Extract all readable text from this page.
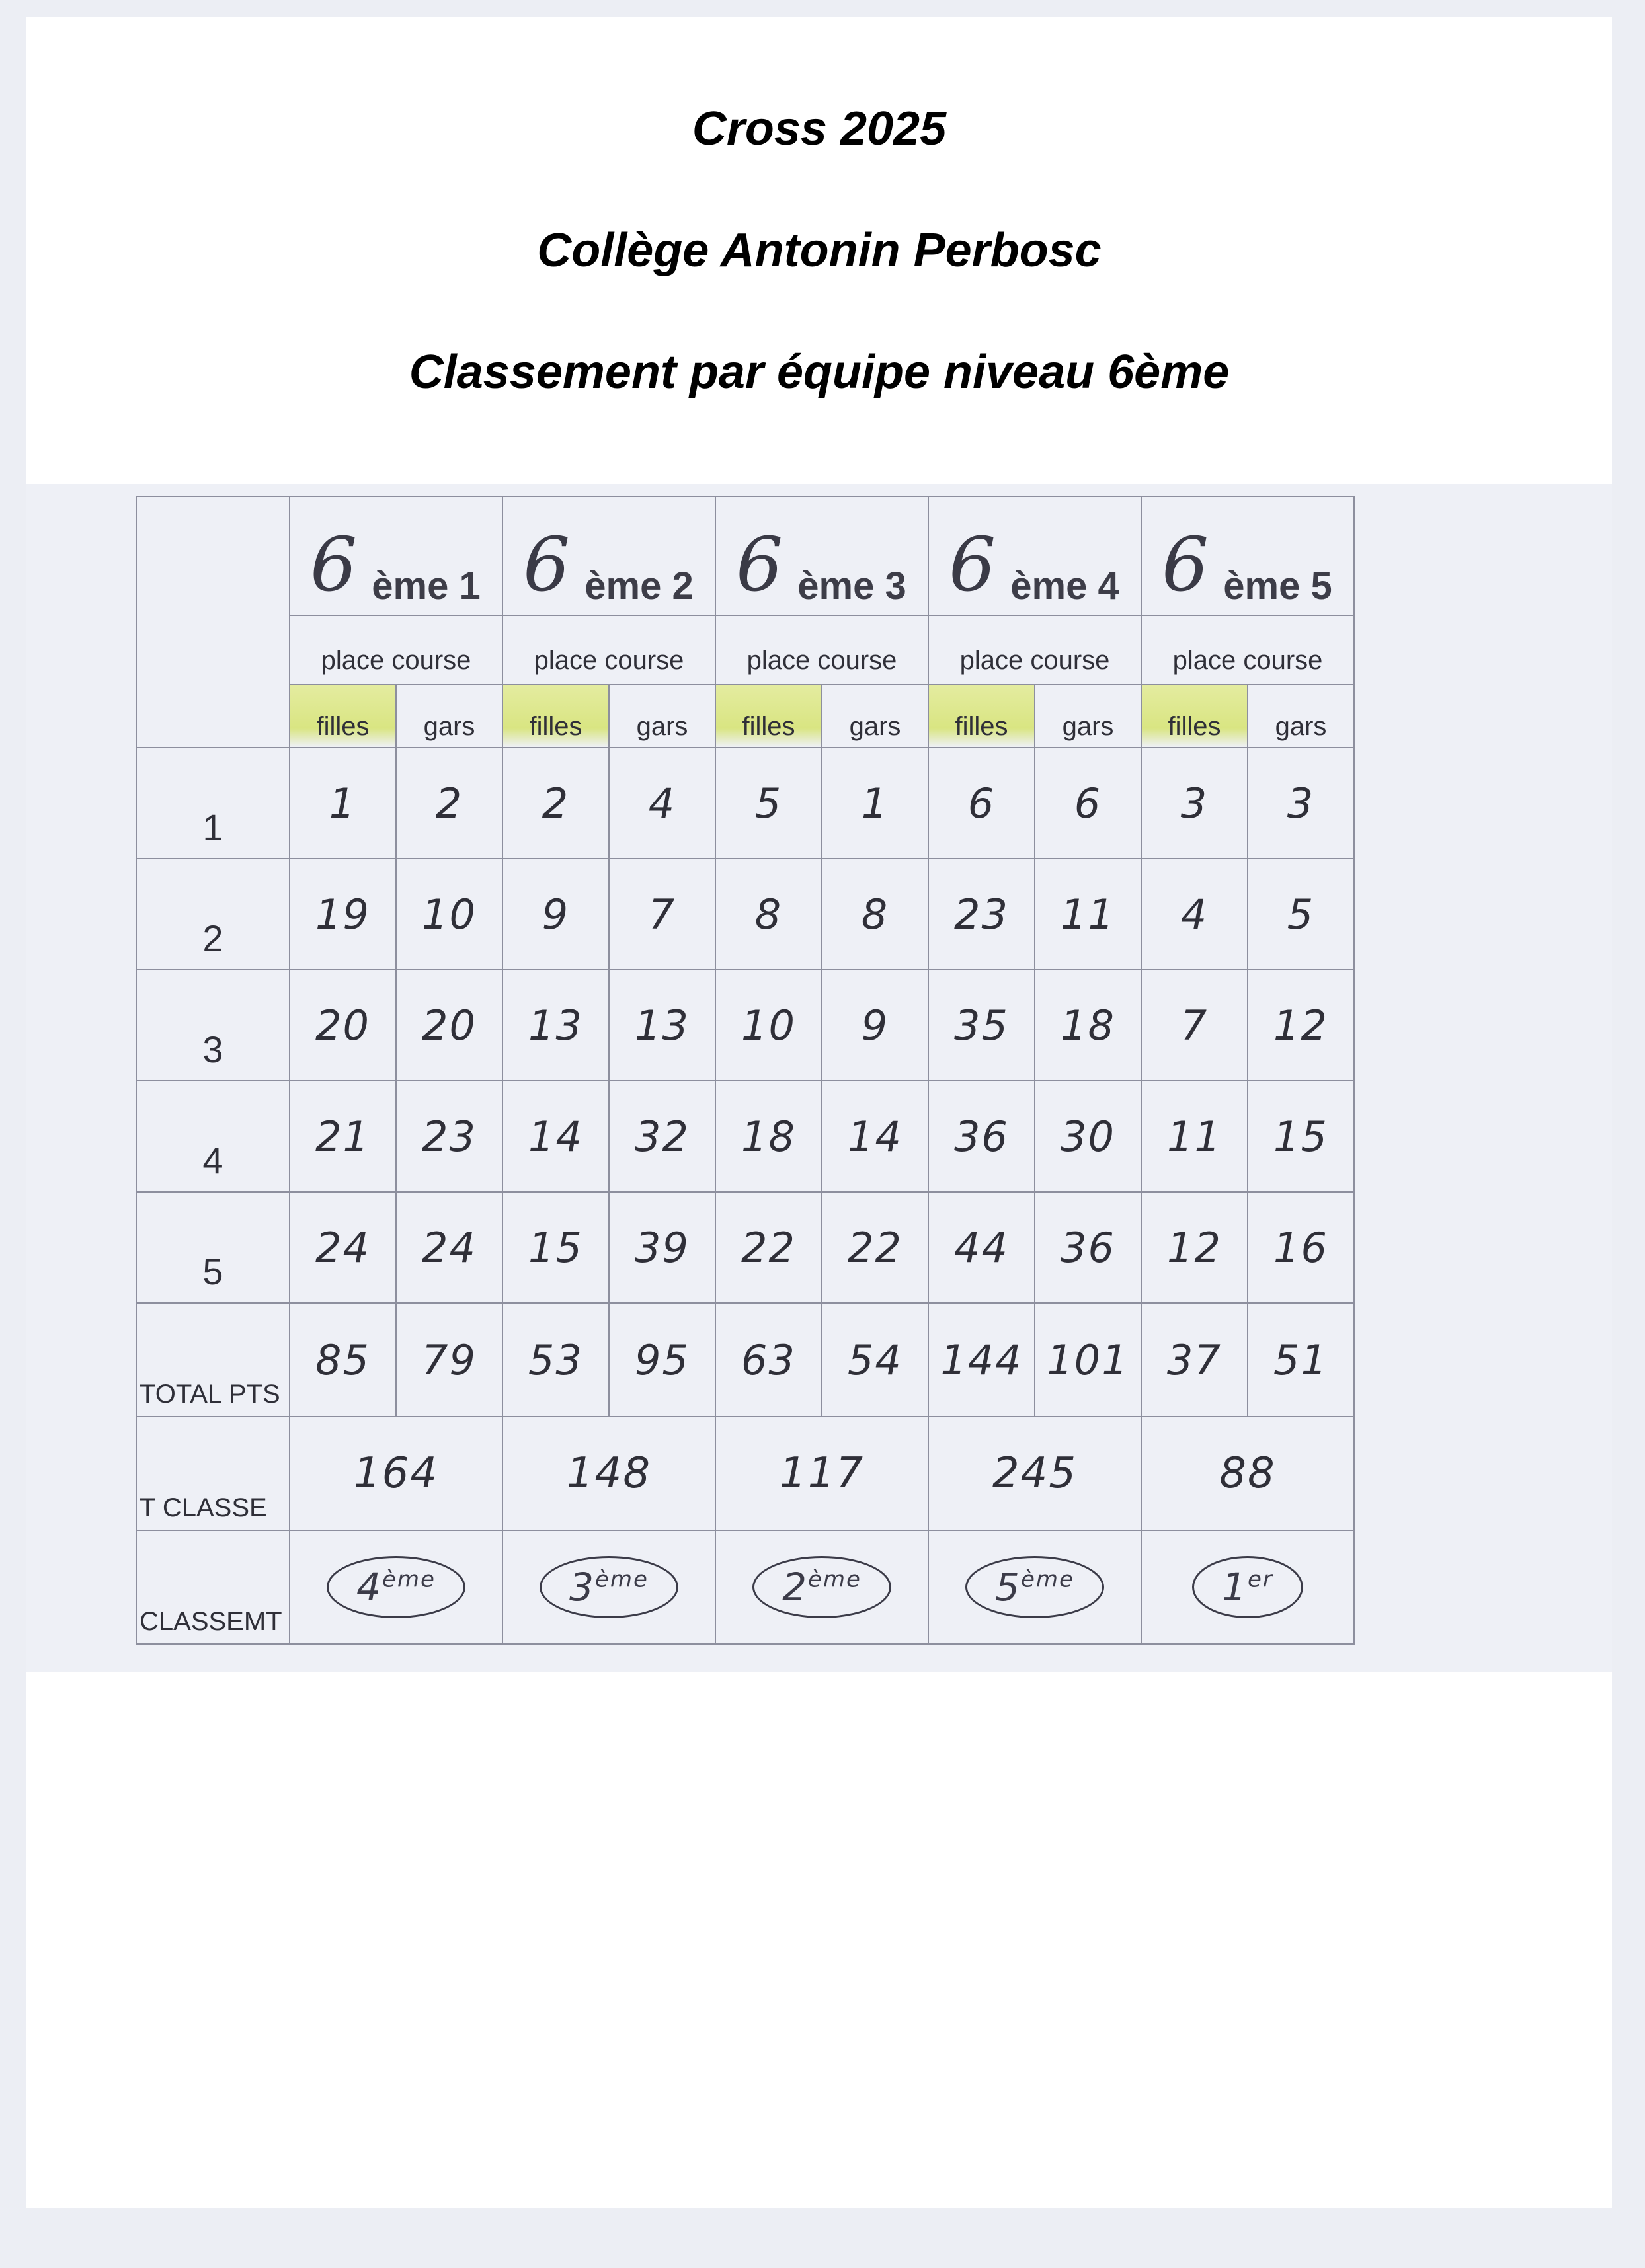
Cross 2025
Collège Antonin Perbosc
Classement par équipe niveau 6ème
	6 ème 1		6 ème 2		6 ème 3		6 ème 4		6 ème 5	
	place course		place course		place course		place course		place course	
	filles	gars	filles	gars	filles	gars	filles	gars	filles	gars
1	1	2	2	4	5	1	6	6	3	3
2	19	10	9	7	8	8	23	11	4	5
3	20	20	13	13	10	9	35	18	7	12
4	21	23	14	32	18	14	36	30	11	15
5	24	24	15	39	22	22	44	36	12	16
TOTAL PTS	85	79	53	95	63	54	144	101	37	51
T CLASSE	164		148		117		245		88	
CLASSEMT	4ème		3ème		2ème		5ème		1er
